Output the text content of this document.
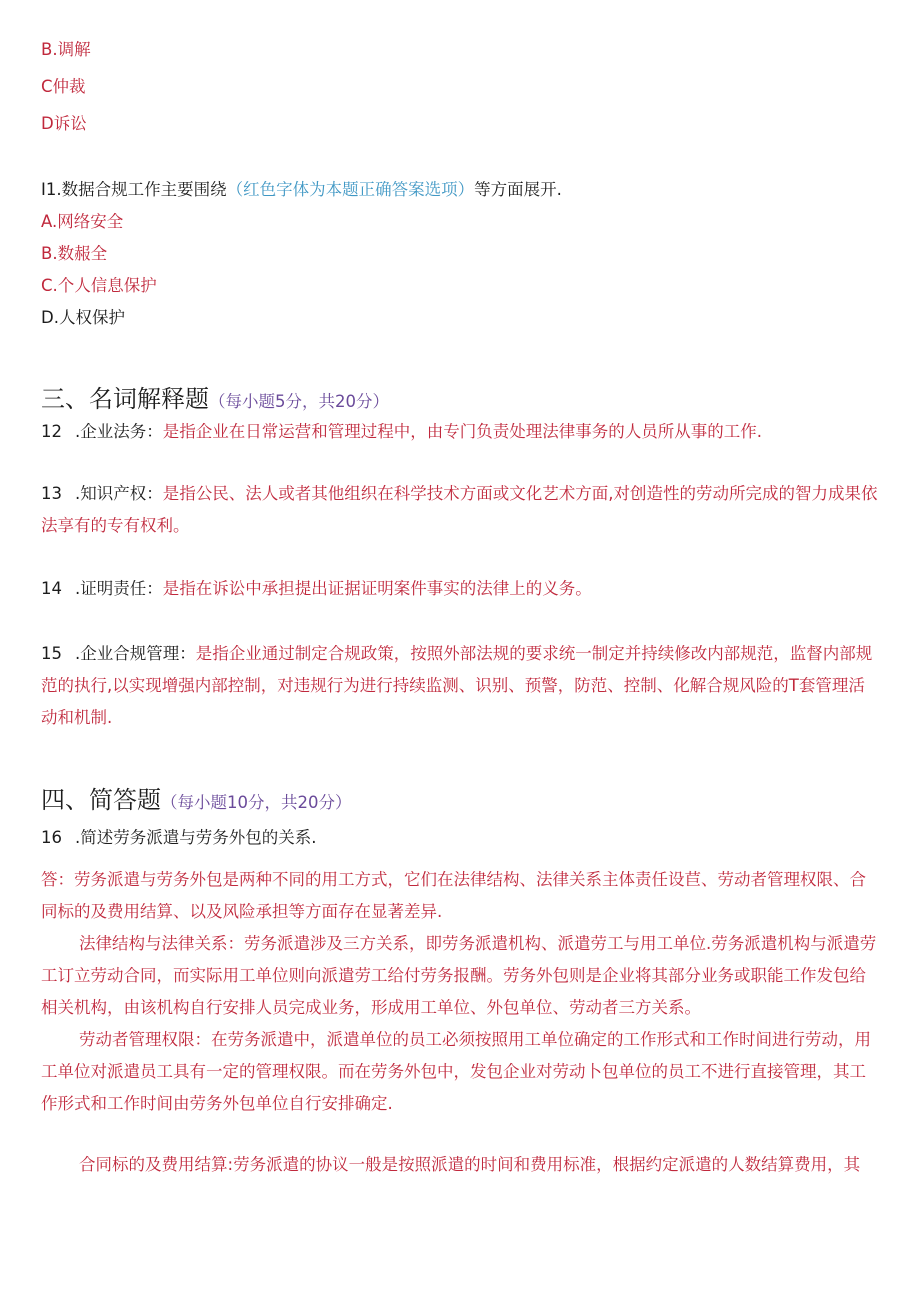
B.调解
C仲裁
D诉讼
I1.数据合规工作主要围绕（红色字体为本题正确答案选项）等方面展开.
A.网络安全
B.数赧全
C.个人信息保护
D.人权保护
三、名词解释题（每小题5分，共20分）
12 .企业法务：是指企业在日常运营和管理过程中，由专门负责处理法律事务的人员所从事的工作.
13 .知识产权：是指公民、法人或者其他组织在科学技术方面或文化艺术方面,对创造性的劳动所完成的智力成果依法享有的专有权利。
14 .证明责任：是指在诉讼中承担提出证据证明案件事实的法律上的义务。
15 .企业合规管理：是指企业通过制定合规政策，按照外部法规的要求统一制定并持续修改内部规范，监督内部规范的执行,以实现增强内部控制，对违规行为进行持续监测、识别、预警，防范、控制、化解合规风险的T套管理活动和机制.
四、简答题（每小题10分，共20分）
16 .简述劳务派遣与劳务外包的关系.
答：劳务派遣与劳务外包是两种不同的用工方式，它们在法律结构、法律关系主体责任设苣、劳动者管理权限、合同标的及费用结算、以及风险承担等方面存在显著差异.
法律结构与法律关系：劳务派遣涉及三方关系，即劳务派遣机构、派遣劳工与用工单位.劳务派遣机构与派遣劳工订立劳动合同，而实际用工单位则向派遣劳工给付劳务报酬。劳务外包则是企业将其部分业务或职能工作发包给相关机构，由该机构自行安排人员完成业务，形成用工单位、外包单位、劳动者三方关系。
劳动者管理权限：在劳务派遣中，派遣单位的员工必须按照用工单位确定的工作形式和工作时间进行劳动，用工单位对派遣员工具有一定的管理权限。而在劳务外包中，发包企业对劳动卜包单位的员工不进行直接管理，其工作形式和工作时间由劳务外包单位自行安排确定.
合同标的及费用结算:劳务派遣的协议一般是按照派遣的时间和费用标准，根据约定派遣的人数结算费用，其
